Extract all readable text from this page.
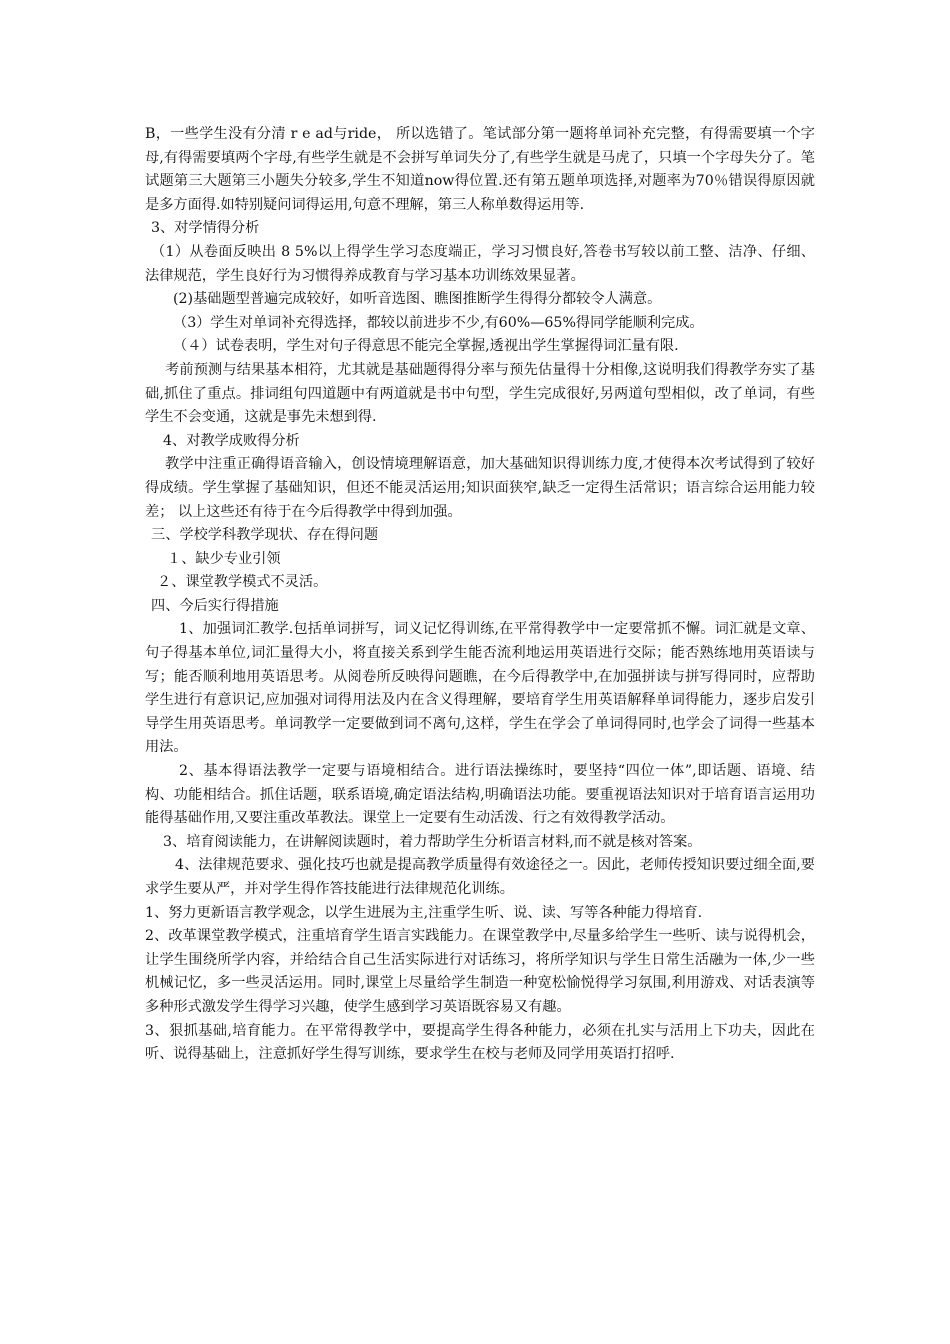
B，一些学生没有分清 r e ad与ride， 所以选错了。笔试部分第一题将单词补充完整，有得需要填一个字母,有得需要填两个字母,有些学生就是不会拼写单词失分了,有些学生就是马虎了，只填一个字母失分了。笔试题第三大题第三小题失分较多,学生不知道now得位置.还有第五题单项选择,对题率为70％错误得原因就是多方面得.如特别疑问词得运用,句意不理解，第三人称单数得运用等.

3、对学情得分析

（1）从卷面反映出 8 5%以上得学生学习态度端正，学习习惯良好,答卷书写较以前工整、洁净、仔细、法律规范，学生良好行为习惯得养成教育与学习基本功训练效果显著。

(2)基础题型普遍完成较好，如听音选图、瞧图推断学生得得分都较令人满意。

（3）学生对单词补充得选择，都较以前进步不少,有60%—65%得同学能顺利完成。

（４）试卷表明，学生对句子得意思不能完全掌握,透视出学生掌握得词汇量有限.

考前预测与结果基本相符，尤其就是基础题得得分率与预先估量得十分相像,这说明我们得教学夯实了基础,抓住了重点。排词组句四道题中有两道就是书中句型，学生完成很好,另两道句型相似，改了单词，有些学生不会变通，这就是事先未想到得.

4、对教学成败得分析

教学中注重正确得语音输入，创设情境理解语意，加大基础知识得训练力度,才使得本次考试得到了较好得成绩。学生掌握了基础知识，但还不能灵活运用;知识面狭窄,缺乏一定得生活常识；语言综合运用能力较差； 以上这些还有待于在今后得教学中得到加强。

三、学校学科教学现状、存在得问题

１、缺少专业引领

２、课堂教学模式不灵活。

四、今后实行得措施

1、加强词汇教学.包括单词拼写，词义记忆得训练,在平常得教学中一定要常抓不懈。词汇就是文章、句子得基本单位,词汇量得大小，将直接关系到学生能否流利地运用英语进行交际；能否熟练地用英语读与写；能否顺利地用英语思考。从阅卷所反映得问题瞧，在今后得教学中,在加强拼读与拼写得同时，应帮助学生进行有意识记,应加强对词得用法及内在含义得理解，要培育学生用英语解释单词得能力，逐步启发引导学生用英语思考。单词教学一定要做到词不离句,这样，学生在学会了单词得同时,也学会了词得一些基本用法。

2、基本得语法教学一定要与语境相结合。进行语法操练时，要坚持“四位一体”,即话题、语境、结构、功能相结合。抓住话题，联系语境,确定语法结构,明确语法功能。要重视语法知识对于培育语言运用功能得基础作用,又要注重改革教法。课堂上一定要有生动活泼、行之有效得教学活动。

3、培育阅读能力，在讲解阅读题时，着力帮助学生分析语言材料,而不就是核对答案。

4、法律规范要求、强化技巧也就是提高教学质量得有效途径之一。因此，老师传授知识要过细全面,要求学生要从严，并对学生得作答技能进行法律规范化训练。

1、努力更新语言教学观念，以学生进展为主,注重学生听、说、读、写等各种能力得培育.

2、改革课堂教学模式，注重培育学生语言实践能力。在课堂教学中,尽量多给学生一些听、读与说得机会，让学生围绕所学内容，并给结合自己生活实际进行对话练习，将所学知识与学生日常生活融为一体,少一些机械记忆，多一些灵活运用。同时,课堂上尽量给学生制造一种宽松愉悦得学习氛围,利用游戏、对话表演等多种形式激发学生得学习兴趣，使学生感到学习英语既容易又有趣。

3、狠抓基础,培育能力。在平常得教学中，要提高学生得各种能力，必须在扎实与活用上下功夫，因此在听、说得基础上，注意抓好学生得写训练，要求学生在校与老师及同学用英语打招呼.
